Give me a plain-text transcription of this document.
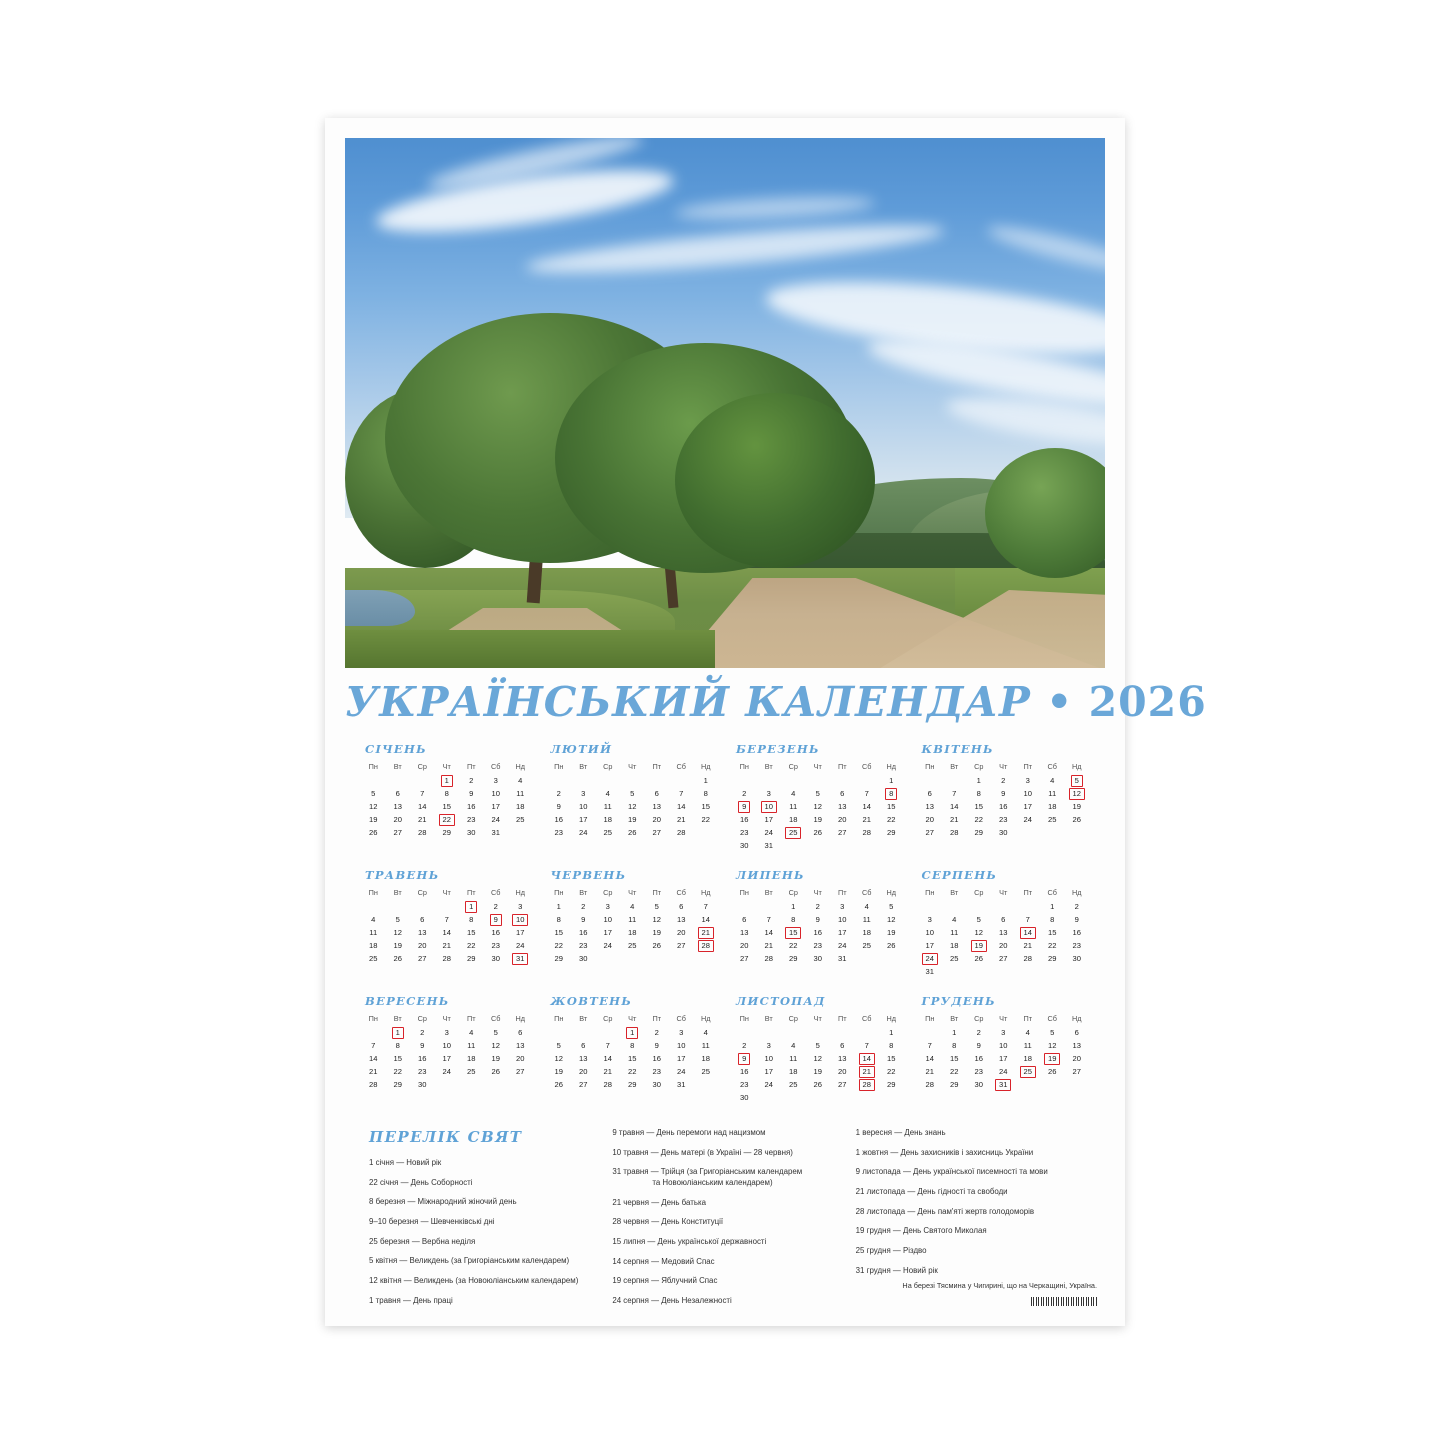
УКРАЇНСЬКИЙ КАЛЕНДАР • 2026
СІЧЕНЬ
Пн	Вт	Ср	Чт	Пт	Сб	Нд
			1	2	3	4
5	6	7	8	9	10	11
12	13	14	15	16	17	18
19	20	21	22	23	24	25
26	27	28	29	30	31	
ЛЮТИЙ
Пн	Вт	Ср	Чт	Пт	Сб	Нд
						1
2	3	4	5	6	7	8
9	10	11	12	13	14	15
16	17	18	19	20	21	22
23	24	25	26	27	28	
БЕРЕЗЕНЬ
Пн	Вт	Ср	Чт	Пт	Сб	Нд
						1
2	3	4	5	6	7	8
9	10	11	12	13	14	15
16	17	18	19	20	21	22
23	24	25	26	27	28	29
30	31					
КВІТЕНЬ
Пн	Вт	Ср	Чт	Пт	Сб	Нд
		1	2	3	4	5
6	7	8	9	10	11	12
13	14	15	16	17	18	19
20	21	22	23	24	25	26
27	28	29	30			
ТРАВЕНЬ
Пн	Вт	Ср	Чт	Пт	Сб	Нд
				1	2	3
4	5	6	7	8	9	10
11	12	13	14	15	16	17
18	19	20	21	22	23	24
25	26	27	28	29	30	31
ЧЕРВЕНЬ
Пн	Вт	Ср	Чт	Пт	Сб	Нд
1	2	3	4	5	6	7
8	9	10	11	12	13	14
15	16	17	18	19	20	21
22	23	24	25	26	27	28
29	30					
ЛИПЕНЬ
Пн	Вт	Ср	Чт	Пт	Сб	Нд
		1	2	3	4	5
6	7	8	9	10	11	12
13	14	15	16	17	18	19
20	21	22	23	24	25	26
27	28	29	30	31		
СЕРПЕНЬ
Пн	Вт	Ср	Чт	Пт	Сб	Нд
					1	2
3	4	5	6	7	8	9
10	11	12	13	14	15	16
17	18	19	20	21	22	23
24	25	26	27	28	29	30
31						
ВЕРЕСЕНЬ
Пн	Вт	Ср	Чт	Пт	Сб	Нд
	1	2	3	4	5	6
7	8	9	10	11	12	13
14	15	16	17	18	19	20
21	22	23	24	25	26	27
28	29	30				
ЖОВТЕНЬ
Пн	Вт	Ср	Чт	Пт	Сб	Нд
			1	2	3	4
5	6	7	8	9	10	11
12	13	14	15	16	17	18
19	20	21	22	23	24	25
26	27	28	29	30	31	
ЛИСТОПАД
Пн	Вт	Ср	Чт	Пт	Сб	Нд
						1
2	3	4	5	6	7	8
9	10	11	12	13	14	15
16	17	18	19	20	21	22
23	24	25	26	27	28	29
30						
ГРУДЕНЬ
Пн	Вт	Ср	Чт	Пт	Сб	Нд
	1	2	3	4	5	6
7	8	9	10	11	12	13
14	15	16	17	18	19	20
21	22	23	24	25	26	27
28	29	30	31			
ПЕРЕЛІК СВЯТ
1 січня — Новий рік
22 січня — День Соборності
8 березня — Міжнародний жіночий день
9–10 березня — Шевченківські дні
25 березня — Вербна неділя
5 квітня — Великдень (за Григоріанським календарем)
12 квітня — Великдень (за Новоюліанським календарем)
1 травня — День праці
9 травня — День перемоги над нацизмом
10 травня — День матері (в Україні — 28 червня)
31 травня — Трійця (за Григоріанським календарем
та Новоюліанським календарем)
21 червня — День батька
28 червня — День Конституції
15 липня — День української державності
14 серпня — Медовий Спас
19 серпня — Яблучний Спас
24 серпня — День Незалежності
1 вересня — День знань
1 жовтня — День захисників і захисниць України
9 листопада — День української писемності та мови
21 листопада — День гідності та свободи
28 листопада — День пам'яті жертв голодоморів
19 грудня — День Святого Миколая
25 грудня — Різдво
31 грудня — Новий рік
На березі Тясмина у Чигирині, що на Черкащині, Україна.
